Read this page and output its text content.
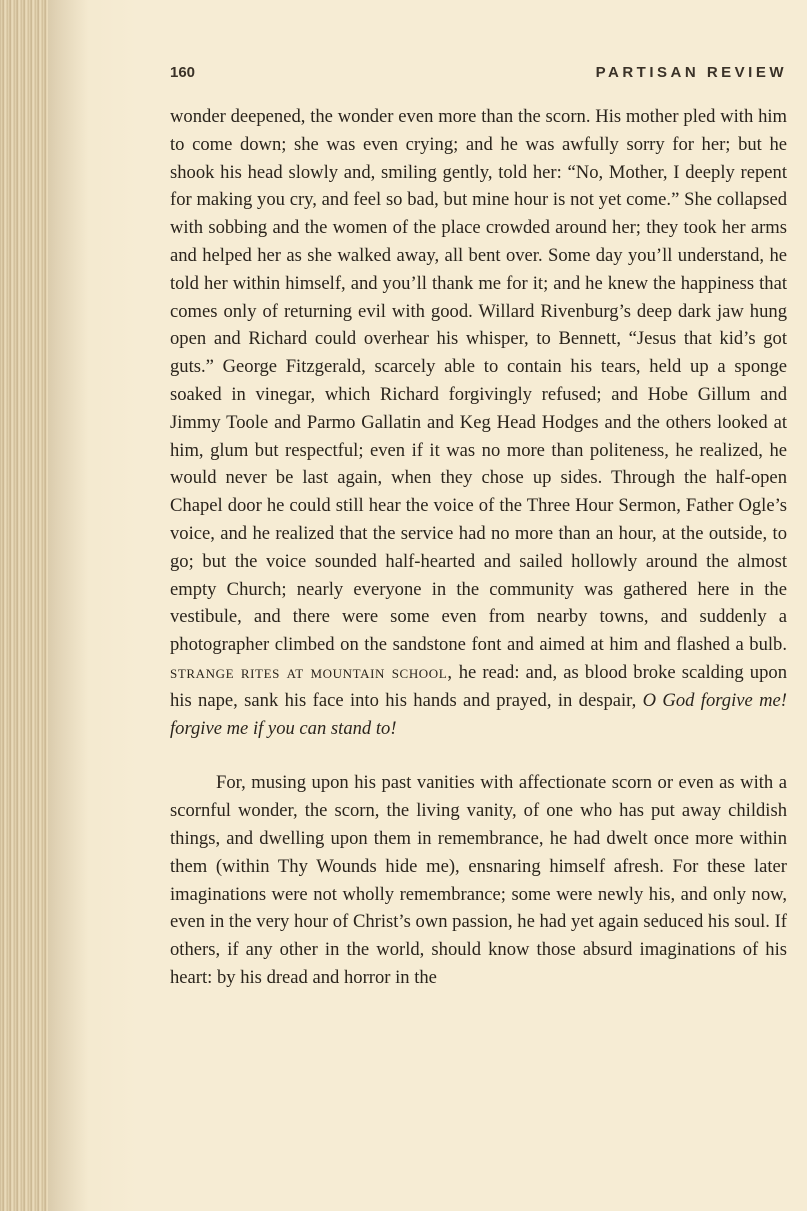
160	PARTISAN REVIEW

wonder deepened, the wonder even more than the scorn. His mother pled with him to come down; she was even crying; and he was awfully sorry for her; but he shook his head slowly and, smiling gently, told her: “No, Mother, I deeply repent for making you cry, and feel so bad, but mine hour is not yet come.” She collapsed with sobbing and the women of the place crowded around her; they took her arms and helped her as she walked away, all bent over. Some day you’ll understand, he told her within himself, and you’ll thank me for it; and he knew the happiness that comes only of returning evil with good. Willard Rivenburg’s deep dark jaw hung open and Richard could overhear his whisper, to Bennett, “Jesus that kid’s got guts.” George Fitzgerald, scarcely able to contain his tears, held up a sponge soaked in vinegar, which Richard forgivingly refused; and Hobe Gillum and Jimmy Toole and Parmo Gallatin and Keg Head Hodges and the others looked at him, glum but respectful; even if it was no more than politeness, he realized, he would never be last again, when they chose up sides. Through the half-open Chapel door he could still hear the voice of the Three Hour Sermon, Father Ogle’s voice, and he realized that the service had no more than an hour, at the outside, to go; but the voice sounded half-hearted and sailed hollowly around the almost empty Church; nearly everyone in the community was gathered here in the vestibule, and there were some even from nearby towns, and suddenly a photographer climbed on the sandstone font and aimed at him and flashed a bulb. strange rites at mountain school, he read: and, as blood broke scalding upon his nape, sank his face into his hands and prayed, in despair, O God forgive me! forgive me if you can stand to!

For, musing upon his past vanities with affectionate scorn or even as with a scornful wonder, the scorn, the living vanity, of one who has put away childish things, and dwelling upon them in remembrance, he had dwelt once more within them (within Thy Wounds hide me), ensnaring himself afresh. For these later imaginations were not wholly remembrance; some were newly his, and only now, even in the very hour of Christ’s own passion, he had yet again seduced his soul. If others, if any other in the world, should know those absurd imaginations of his heart: by his dread and horror in the
